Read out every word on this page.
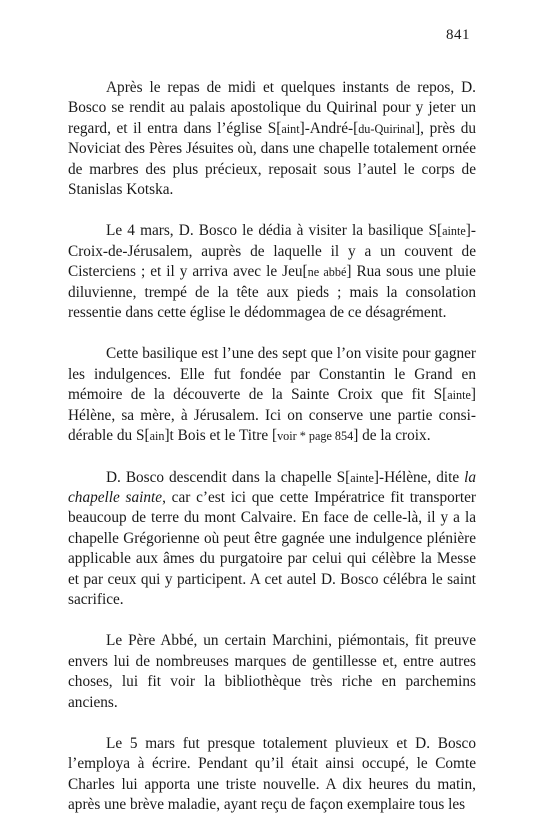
841

Après le repas de midi et quelques instants de repos, D. Bosco se rendit au palais apostolique du Quirinal pour y jeter un regard, et il entra dans l’église S[aint]-André-[du-Quirinal], près du Noviciat des Pères Jésuites où, dans une chapelle totalement ornée de marbres des plus précieux, reposait sous l’autel le corps de Stanislas Kotska.

Le 4 mars, D. Bosco le dédia à visiter la basilique S[ainte]-Croix-de-Jérusalem, auprès de laquelle il y a un couvent de Cisterciens ; et il y arriva avec le Jeu[ne abbé] Rua sous une pluie diluvienne, trempé de la tête aux pieds ; mais la consolation ressentie dans cette église le dédommagea de ce désagrément.

Cette basilique est l’une des sept que l’on visite pour gagner les indulgences. Elle fut fondée par Constantin le Grand en mémoire de la découverte de la Sainte Croix que fit S[ainte] Hélène, sa mère, à Jérusalem. Ici on conserve une partie considérable du S[ain]t Bois et le Titre [voir * page 854] de la croix.

D. Bosco descendit dans la chapelle S[ainte]-Hélène, dite la chapelle sainte, car c’est ici que cette Impératrice fit transporter beaucoup de terre du mont Calvaire. En face de celle-là, il y a la chapelle Grégorienne où peut être gagnée une indulgence plénière applicable aux âmes du purgatoire par celui qui célèbre la Messe et par ceux qui y participent. A cet autel D. Bosco célébra le saint sacrifice.

Le Père Abbé, un certain Marchini, piémontais, fit preuve envers lui de nombreuses marques de gentillesse et, entre autres choses, lui fit voir la bibliothèque très riche en parchemins anciens.

Le 5 mars fut presque totalement pluvieux et D. Bosco l’employa à écrire. Pendant qu’il était ainsi occupé, le Comte Charles lui apporta une triste nouvelle. A dix heures du matin, après une brève maladie, ayant reçu de façon exemplaire tous les
